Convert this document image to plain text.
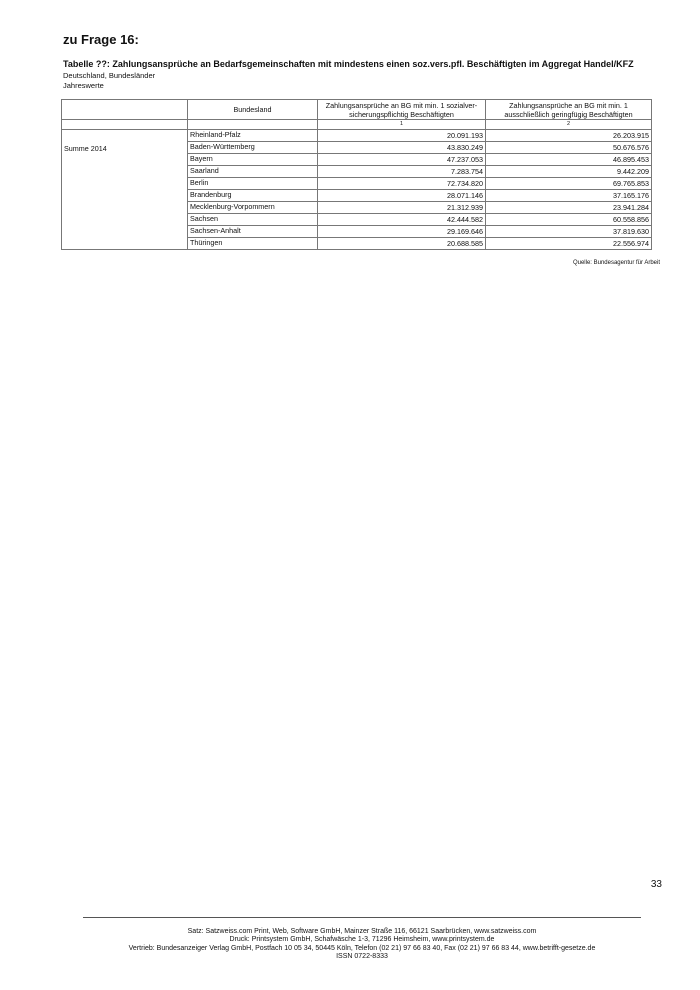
zu Frage 16:

Tabelle ??: Zahlungsansprüche an Bedarfsgemeinschaften mit mindestens einen soz.vers.pfl. Beschäftigten im Aggregat Handel/KFZ

Deutschland, Bundesländer

Jahreswerte

	Bundesland	Zahlungsansprüche an BG mit min. 1 sozialver-sicherungspflichtig Beschäftigten	Zahlungsansprüche an BG mit min. 1 ausschließlich geringfügig Beschäftigten
		1	2
Summe 2014	Rheinland-Pfalz	20.091.193	26.203.915
	Baden-Württemberg	43.830.249	50.676.576
	Bayern	47.237.053	46.895.453
	Saarland	7.283.754	9.442.209
	Berlin	72.734.820	69.765.853
	Brandenburg	28.071.146	37.165.176
	Mecklenburg-Vorpommern	21.312.939	23.941.284
	Sachsen	42.444.582	60.558.856
	Sachsen-Anhalt	29.169.646	37.819.630
	Thüringen	20.688.585	22.556.974

Quelle: Bundesagentur für Arbeit

33

Satz: Satzweiss.com Print, Web, Software GmbH, Mainzer Straße 116, 66121 Saarbrücken, www.satzweiss.com
Druck: Printsystem GmbH, Schafwäsche 1-3, 71296 Heimsheim, www.printsystem.de
Vertrieb: Bundesanzeiger Verlag GmbH, Postfach 10 05 34, 50445 Köln, Telefon (02 21) 97 66 83 40, Fax (02 21) 97 66 83 44, www.betrifft-gesetze.de
ISSN 0722-8333
